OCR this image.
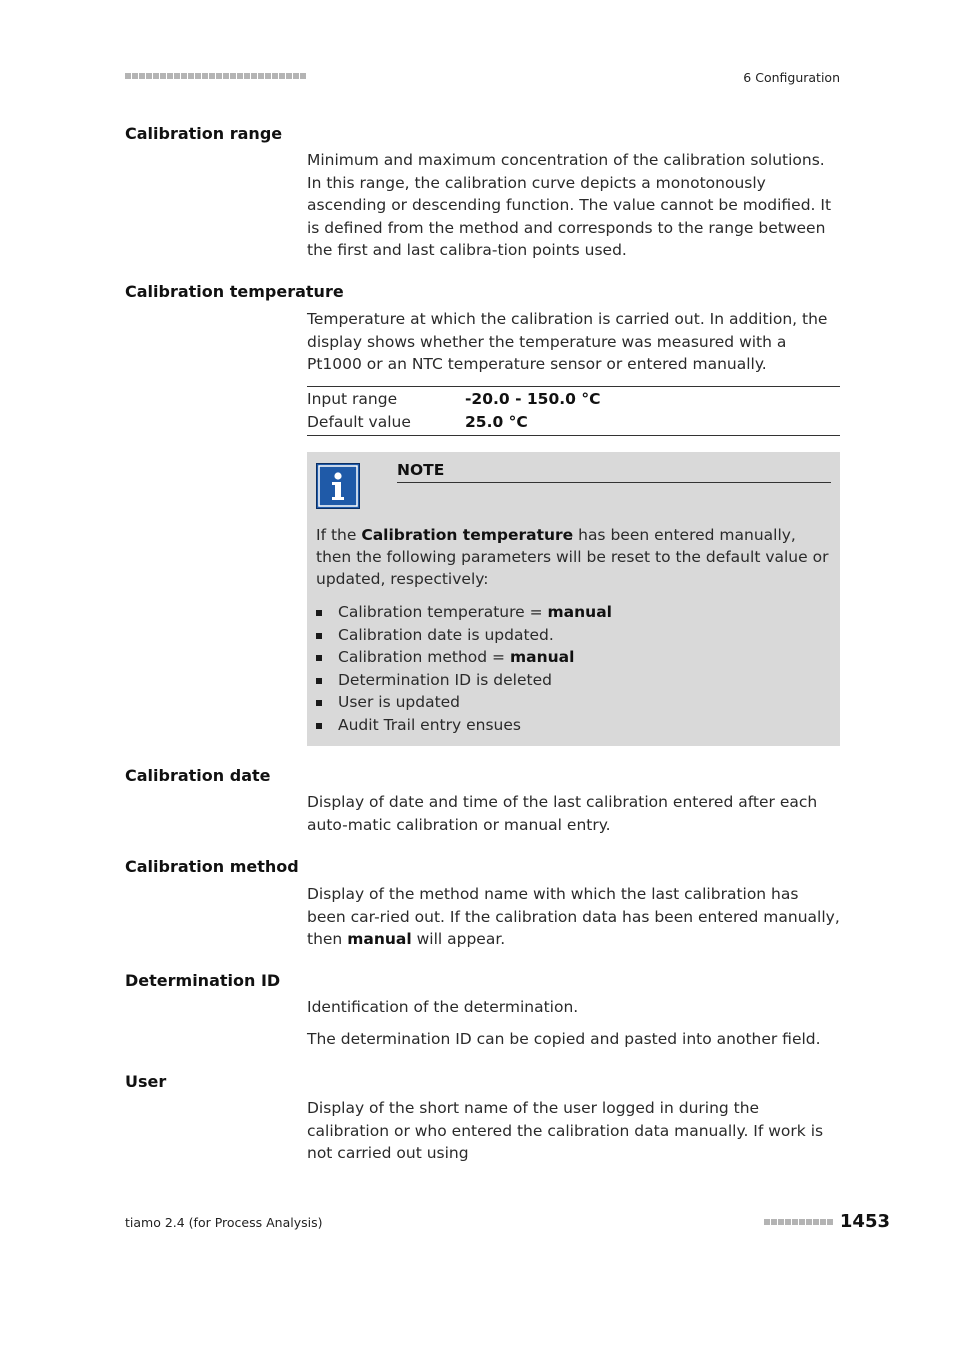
6 Configuration
Calibration range

Minimum and maximum concentration of the calibration solutions. In this range, the calibration curve depicts a monotonously ascending or descending function. The value cannot be modified. It is defined from the method and corresponds to the range between the first and last calibra-tion points used.

Calibration temperature

Temperature at which the calibration is carried out. In addition, the display shows whether the temperature was measured with a Pt1000 or an NTC temperature sensor or entered manually.

Input range	-20.0 - 150.0 °C
Default value	25.0 °C
NOTE
If the Calibration temperature has been entered manually, then the following parameters will be reset to the default value or updated, respectively:
Calibration temperature = manual
Calibration date is updated.
Calibration method = manual
Determination ID is deleted
User is updated
Audit Trail entry ensues
Calibration date

Display of date and time of the last calibration entered after each auto-matic calibration or manual entry.

Calibration method

Display of the method name with which the last calibration has been car-ried out. If the calibration data has been entered manually, then manual will appear.

Determination ID

Identification of the determination.

The determination ID can be copied and pasted into another field.

User

Display of the short name of the user logged in during the calibration or who entered the calibration data manually. If work is not carried out using

tiamo 2.4 (for Process Analysis)	1453
